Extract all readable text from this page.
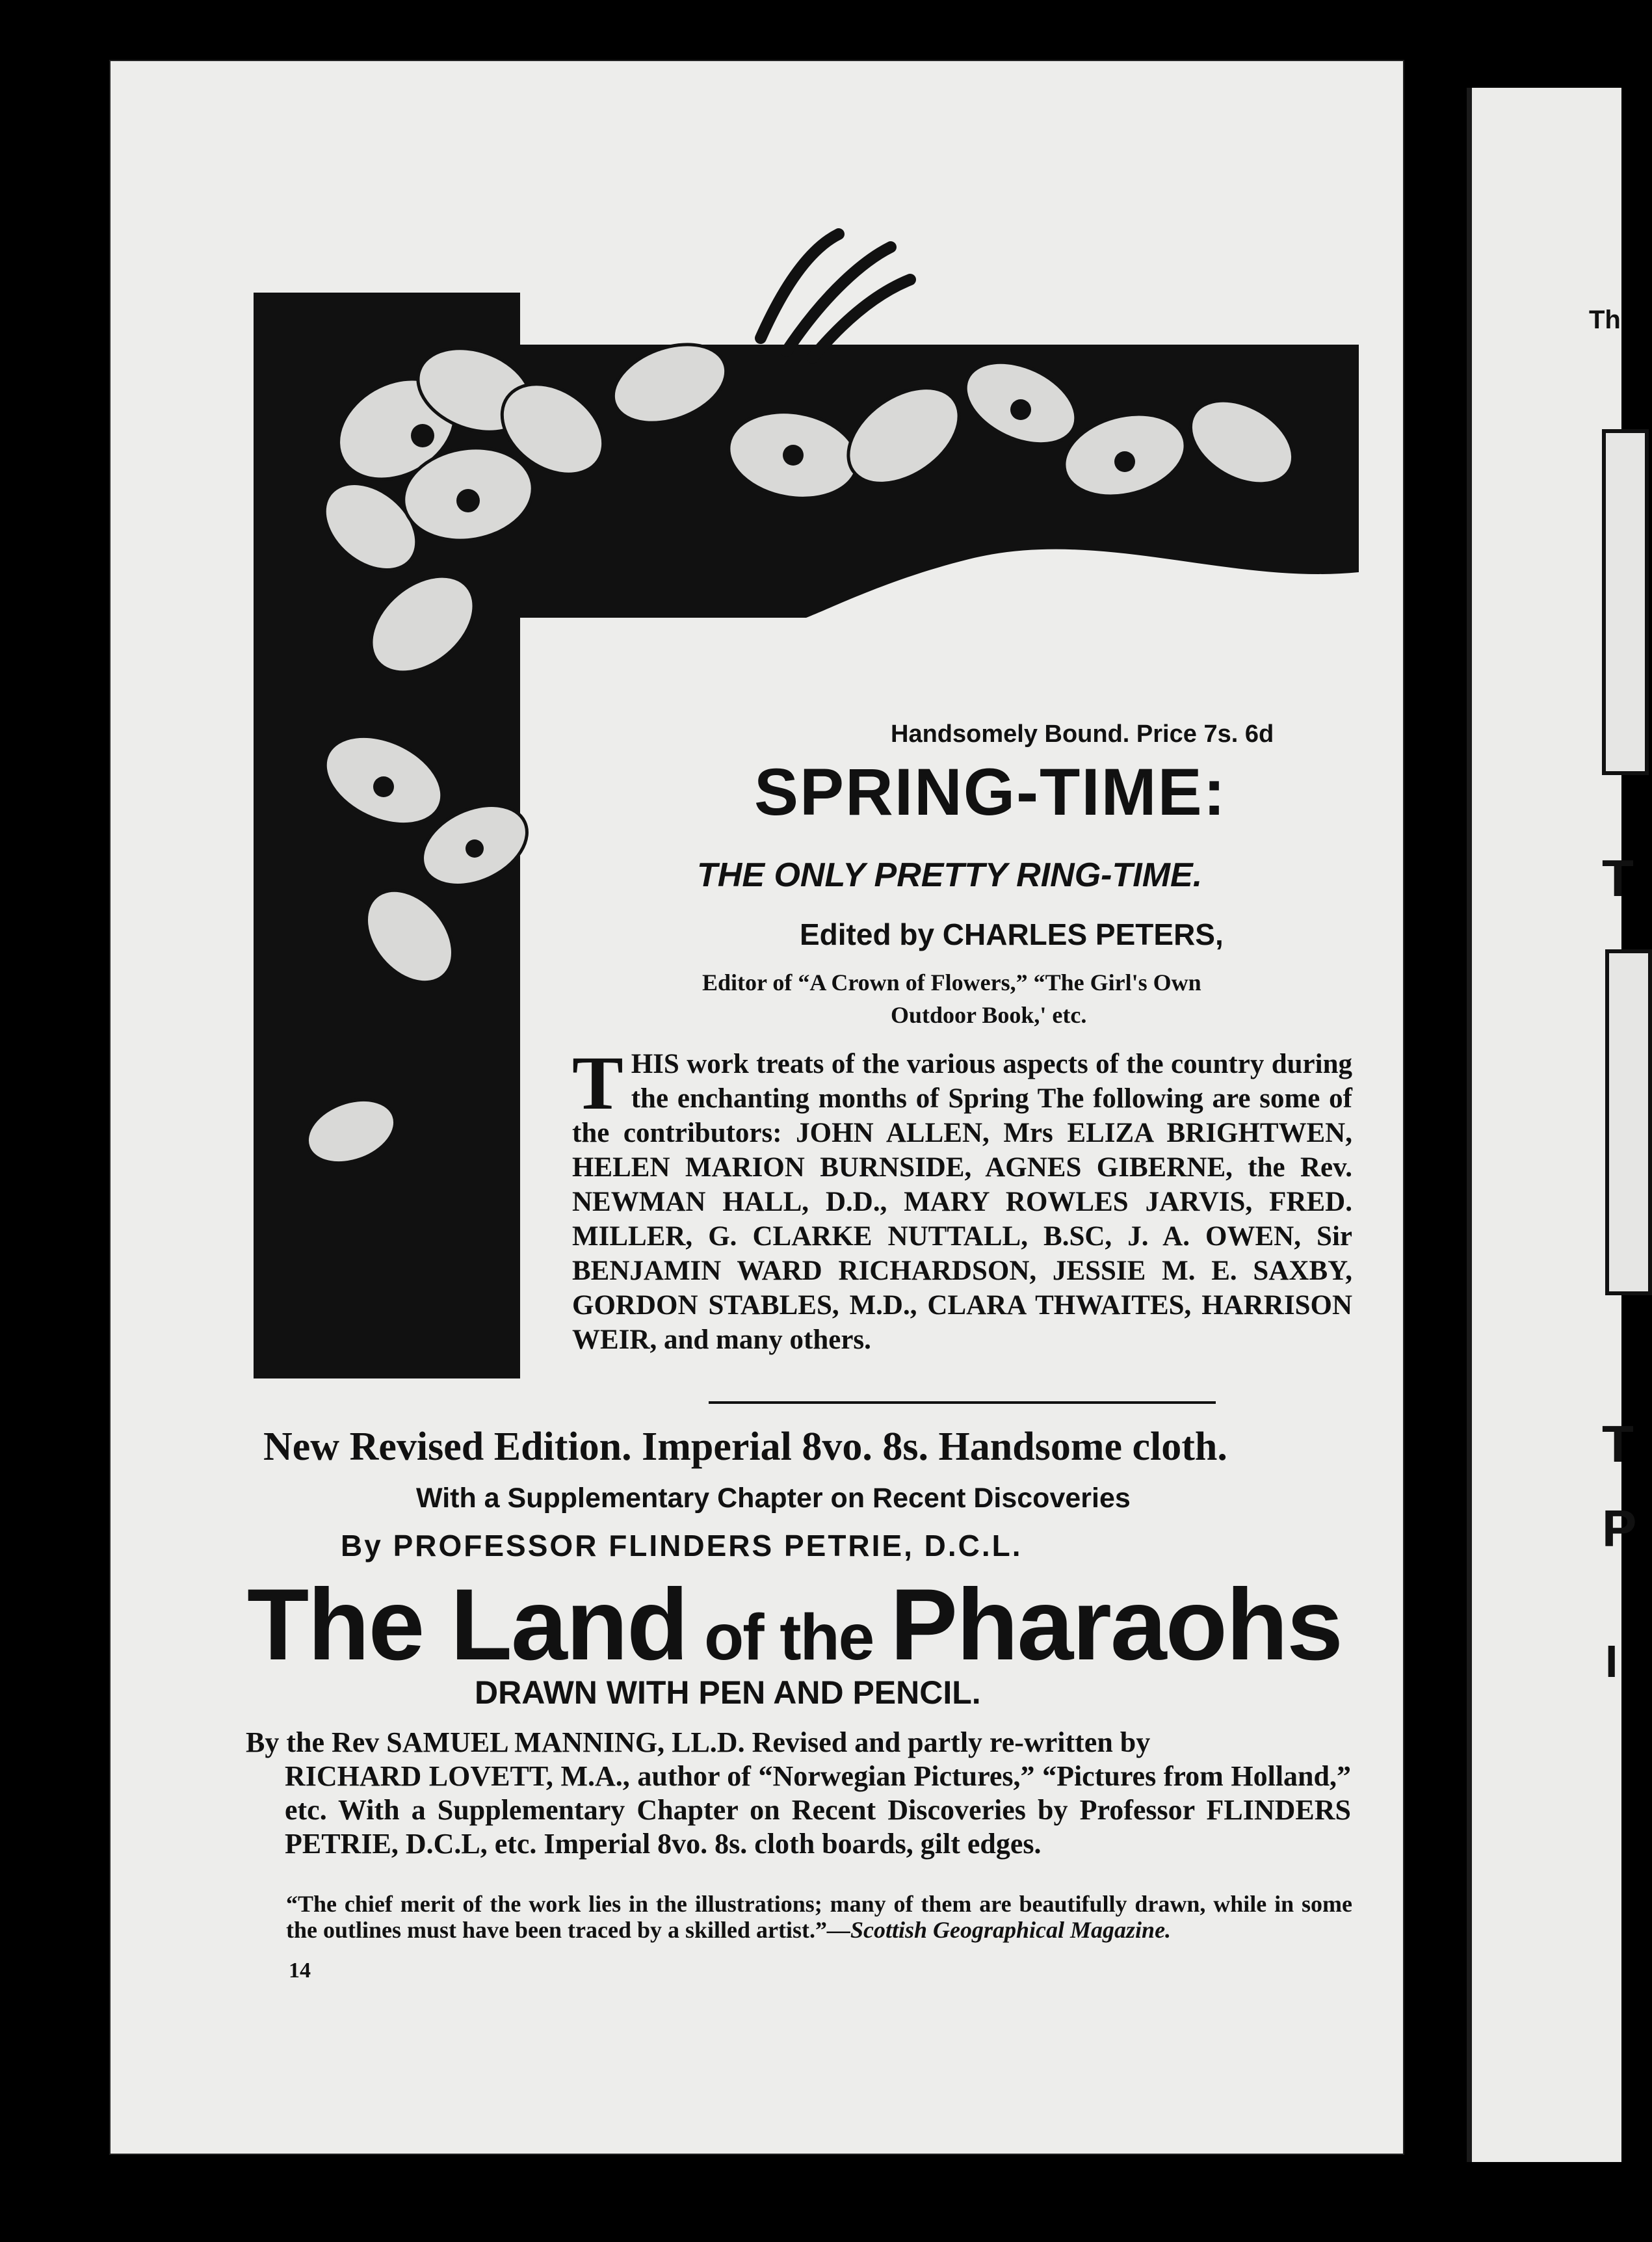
Th
T
T
P
I
Handsomely Bound. Price 7s. 6d
SPRING-TIME:
THE ONLY PRETTY RING-TIME.
Edited by CHARLES PETERS,
Editor of “A Crown of Flowers,” “The Girl's Own
Outdoor Book,' etc.
THIS work treats of the various aspects of the country during the enchanting months of Spring The following are some of the contributors: JOHN ALLEN, Mrs ELIZA BRIGHTWEN, HELEN MARION BURNSIDE, AGNES GIBERNE, the Rev. NEWMAN HALL, D.D., MARY ROWLES JARVIS, FRED. MILLER, G. CLARKE NUTTALL, B.SC, J. A. OWEN, Sir BENJAMIN WARD RICHARDSON, JESSIE M. E. SAXBY, GORDON STABLES, M.D., CLARA THWAITES, HARRISON WEIR, and many others.
New Revised Edition. Imperial 8vo. 8s. Handsome cloth.
With a Supplementary Chapter on Recent Discoveries
By PROFESSOR FLINDERS PETRIE, D.C.L.
The Land of the Pharaohs
DRAWN WITH PEN AND PENCIL.
By the Rev SAMUEL MANNING, LL.D. Revised and partly re-written by
RICHARD LOVETT, M.A., author of “Norwegian Pictures,” “Pictures from Holland,” etc. With a Supplementary Chapter on Recent Discoveries by Professor FLINDERS PETRIE, D.C.L, etc. Imperial 8vo. 8s. cloth boards, gilt edges.
“The chief merit of the work lies in the illustrations; many of them are beautifully drawn, while in some the outlines must have been traced by a skilled artist.”—Scottish Geographical Magazine.
14
